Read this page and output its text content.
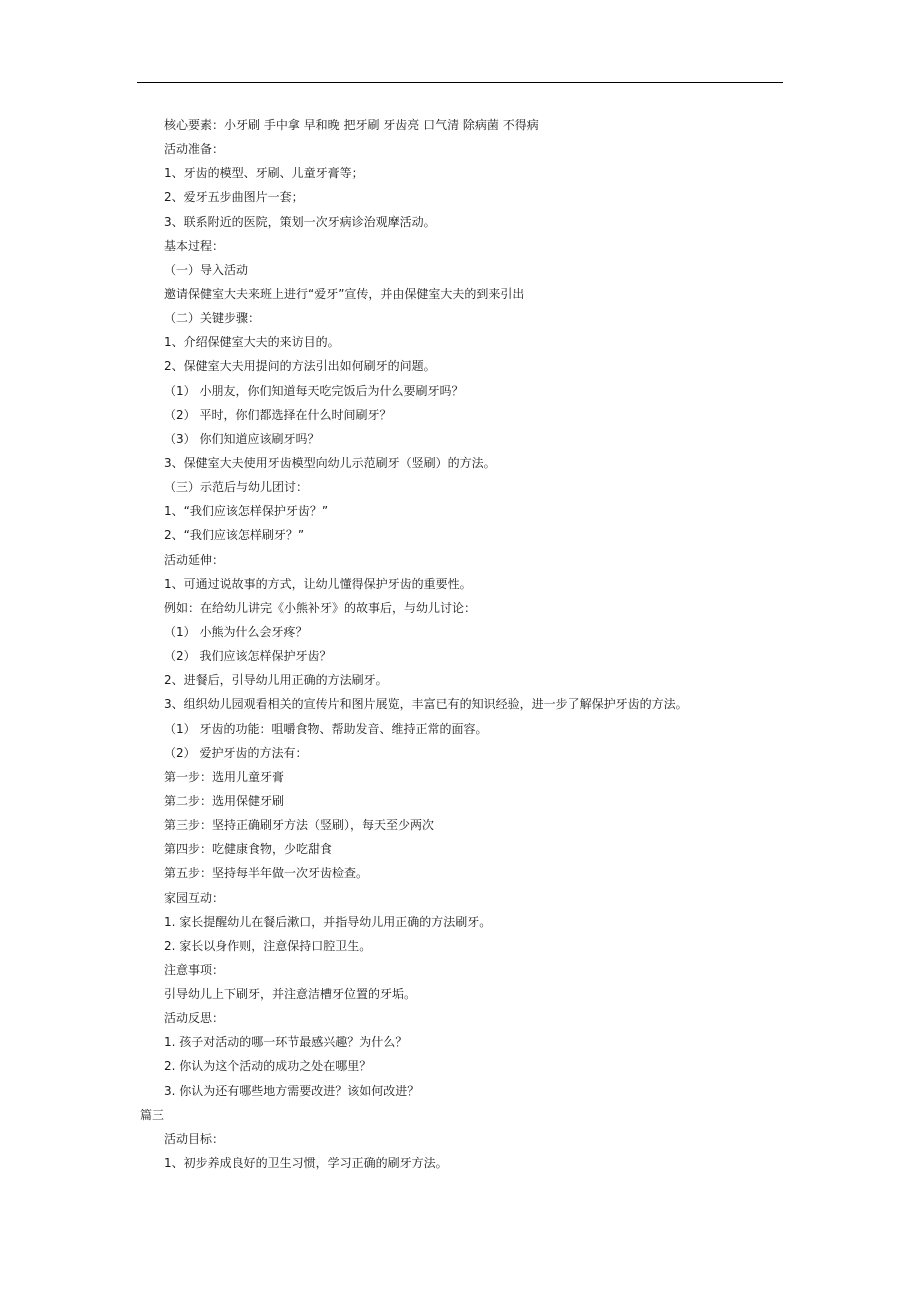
核心要素：小牙刷 手中拿 早和晚 把牙刷 牙齿亮 口气清 除病菌 不得病
活动准备：
1、牙齿的模型、牙刷、儿童牙膏等；
2、爱牙五步曲图片一套；
3、联系附近的医院，策划一次牙病诊治观摩活动。
基本过程：
（一）导入活动
邀请保健室大夫来班上进行“爱牙”宣传，并由保健室大夫的到来引出
（二）关键步骤：
1、介绍保健室大夫的来访目的。
2、保健室大夫用提问的方法引出如何刷牙的问题。
（1） 小朋友，你们知道每天吃完饭后为什么要刷牙吗？
（2） 平时，你们都选择在什么时间刷牙？
（3） 你们知道应该刷牙吗？
3、保健室大夫使用牙齿模型向幼儿示范刷牙（竖刷）的方法。
（三）示范后与幼儿团讨：
1、“我们应该怎样保护牙齿？”
2、“我们应该怎样刷牙？”
活动延伸：
1、可通过说故事的方式，让幼儿懂得保护牙齿的重要性。
例如：在给幼儿讲完《小熊补牙》的故事后，与幼儿讨论：
（1） 小熊为什么会牙疼？
（2） 我们应该怎样保护牙齿？
2、进餐后，引导幼儿用正确的方法刷牙。
3、组织幼儿园观看相关的宣传片和图片展览，丰富已有的知识经验，进一步了解保护牙齿的方法。
（1） 牙齿的功能：咀嚼食物、帮助发音、维持正常的面容。
（2） 爱护牙齿的方法有：
第一步：选用儿童牙膏
第二步：选用保健牙刷
第三步：坚持正确刷牙方法（竖刷），每天至少两次
第四步：吃健康食物，少吃甜食
第五步：坚持每半年做一次牙齿检查。
家园互动：
1. 家长提醒幼儿在餐后漱口，并指导幼儿用正确的方法刷牙。
2. 家长以身作则，注意保持口腔卫生。
注意事项：
引导幼儿上下刷牙，并注意洁槽牙位置的牙垢。
活动反思：
1. 孩子对活动的哪一环节最感兴趣？为什么？
2. 你认为这个活动的成功之处在哪里？
3. 你认为还有哪些地方需要改进？该如何改进？
篇三
活动目标：
1、初步养成良好的卫生习惯，学习正确的刷牙方法。
